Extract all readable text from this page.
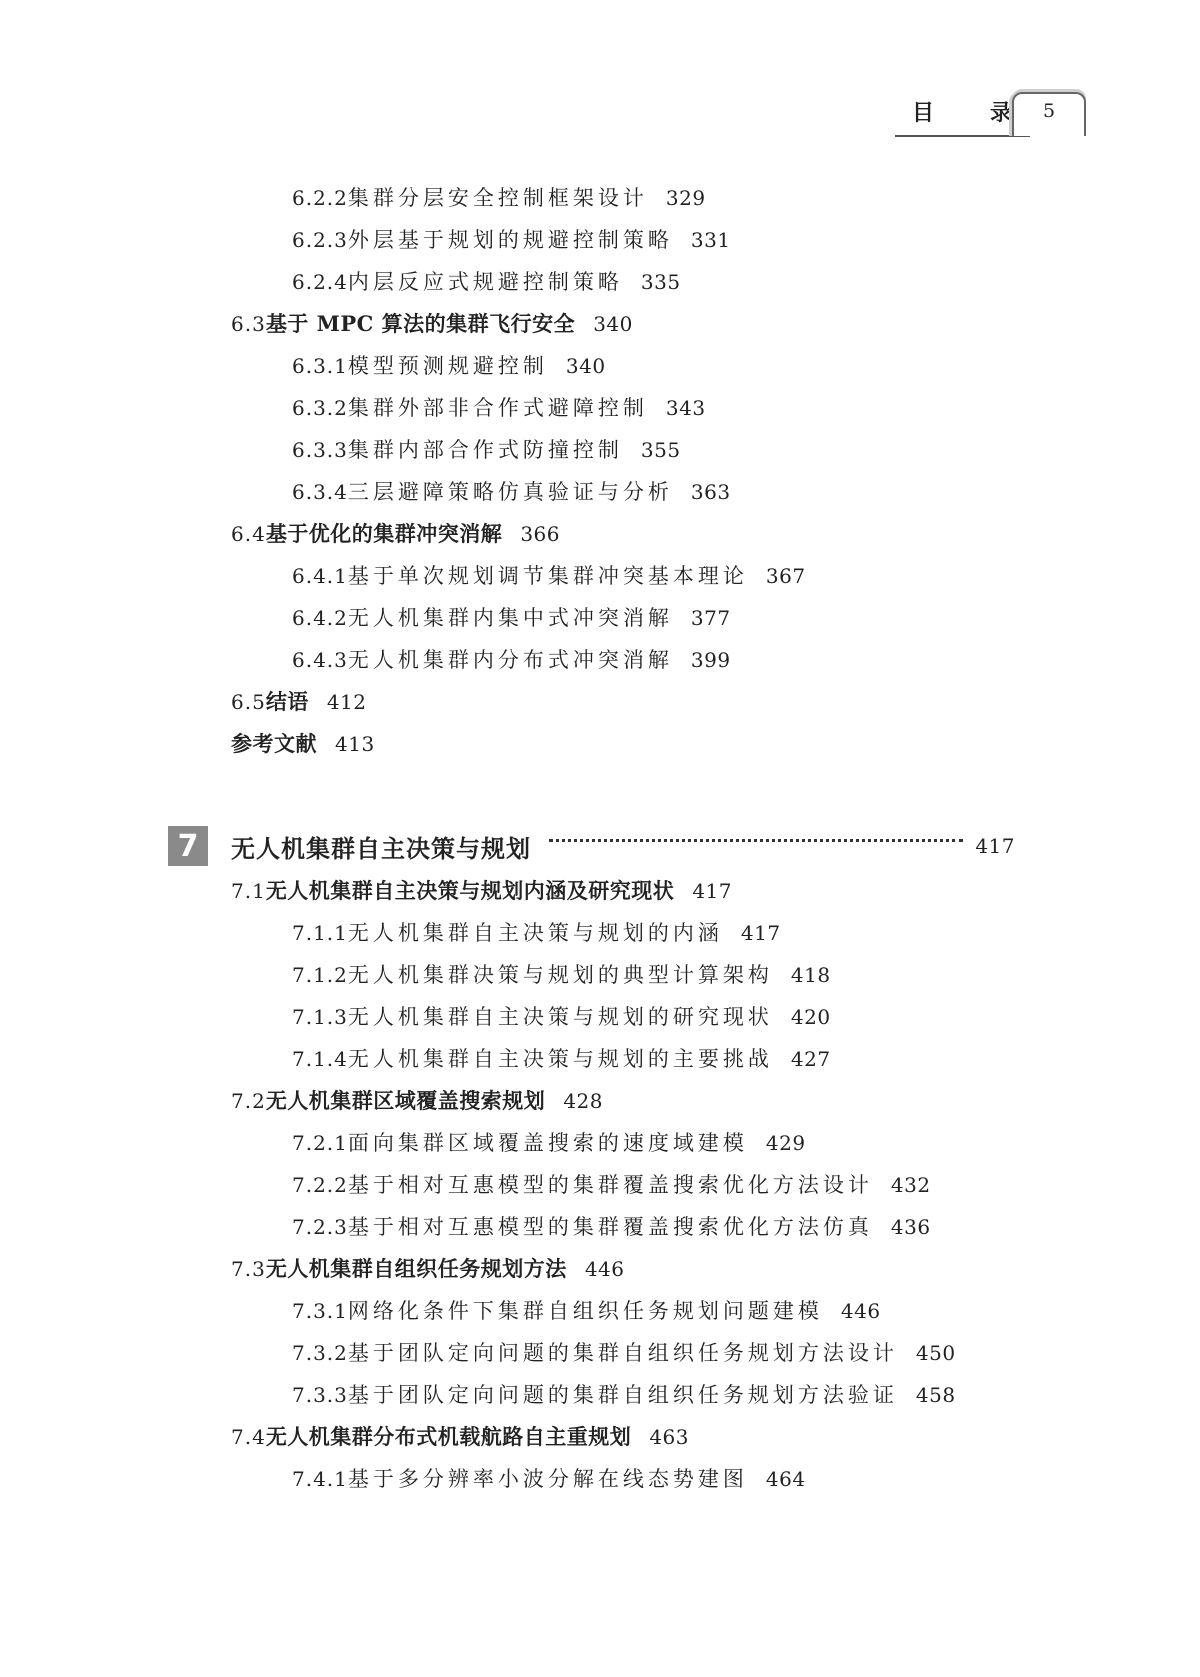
目	录	5
6.2.2 集群分层安全控制框架设计 329
6.2.3 外层基于规划的规避控制策略 331
6.2.4 内层反应式规避控制策略 335
6.3 基于 MPC 算法的集群飞行安全 340
6.3.1 模型预测规避控制 340
6.3.2 集群外部非合作式避障控制 343
6.3.3 集群内部合作式防撞控制 355
6.3.4 三层避障策略仿真验证与分析 363
6.4 基于优化的集群冲突消解 366
6.4.1 基于单次规划调节集群冲突基本理论 367
6.4.2 无人机集群内集中式冲突消解 377
6.4.3 无人机集群内分布式冲突消解 399
6.5 结语 412
参考文献 413
7	无人机集群自主决策与规划	417
7.1 无人机集群自主决策与规划内涵及研究现状 417
7.1.1 无人机集群自主决策与规划的内涵 417
7.1.2 无人机集群决策与规划的典型计算架构 418
7.1.3 无人机集群自主决策与规划的研究现状 420
7.1.4 无人机集群自主决策与规划的主要挑战 427
7.2 无人机集群区域覆盖搜索规划 428
7.2.1 面向集群区域覆盖搜索的速度域建模 429
7.2.2 基于相对互惠模型的集群覆盖搜索优化方法设计 432
7.2.3 基于相对互惠模型的集群覆盖搜索优化方法仿真 436
7.3 无人机集群自组织任务规划方法 446
7.3.1 网络化条件下集群自组织任务规划问题建模 446
7.3.2 基于团队定向问题的集群自组织任务规划方法设计 450
7.3.3 基于团队定向问题的集群自组织任务规划方法验证 458
7.4 无人机集群分布式机载航路自主重规划 463
7.4.1 基于多分辨率小波分解在线态势建图 464
